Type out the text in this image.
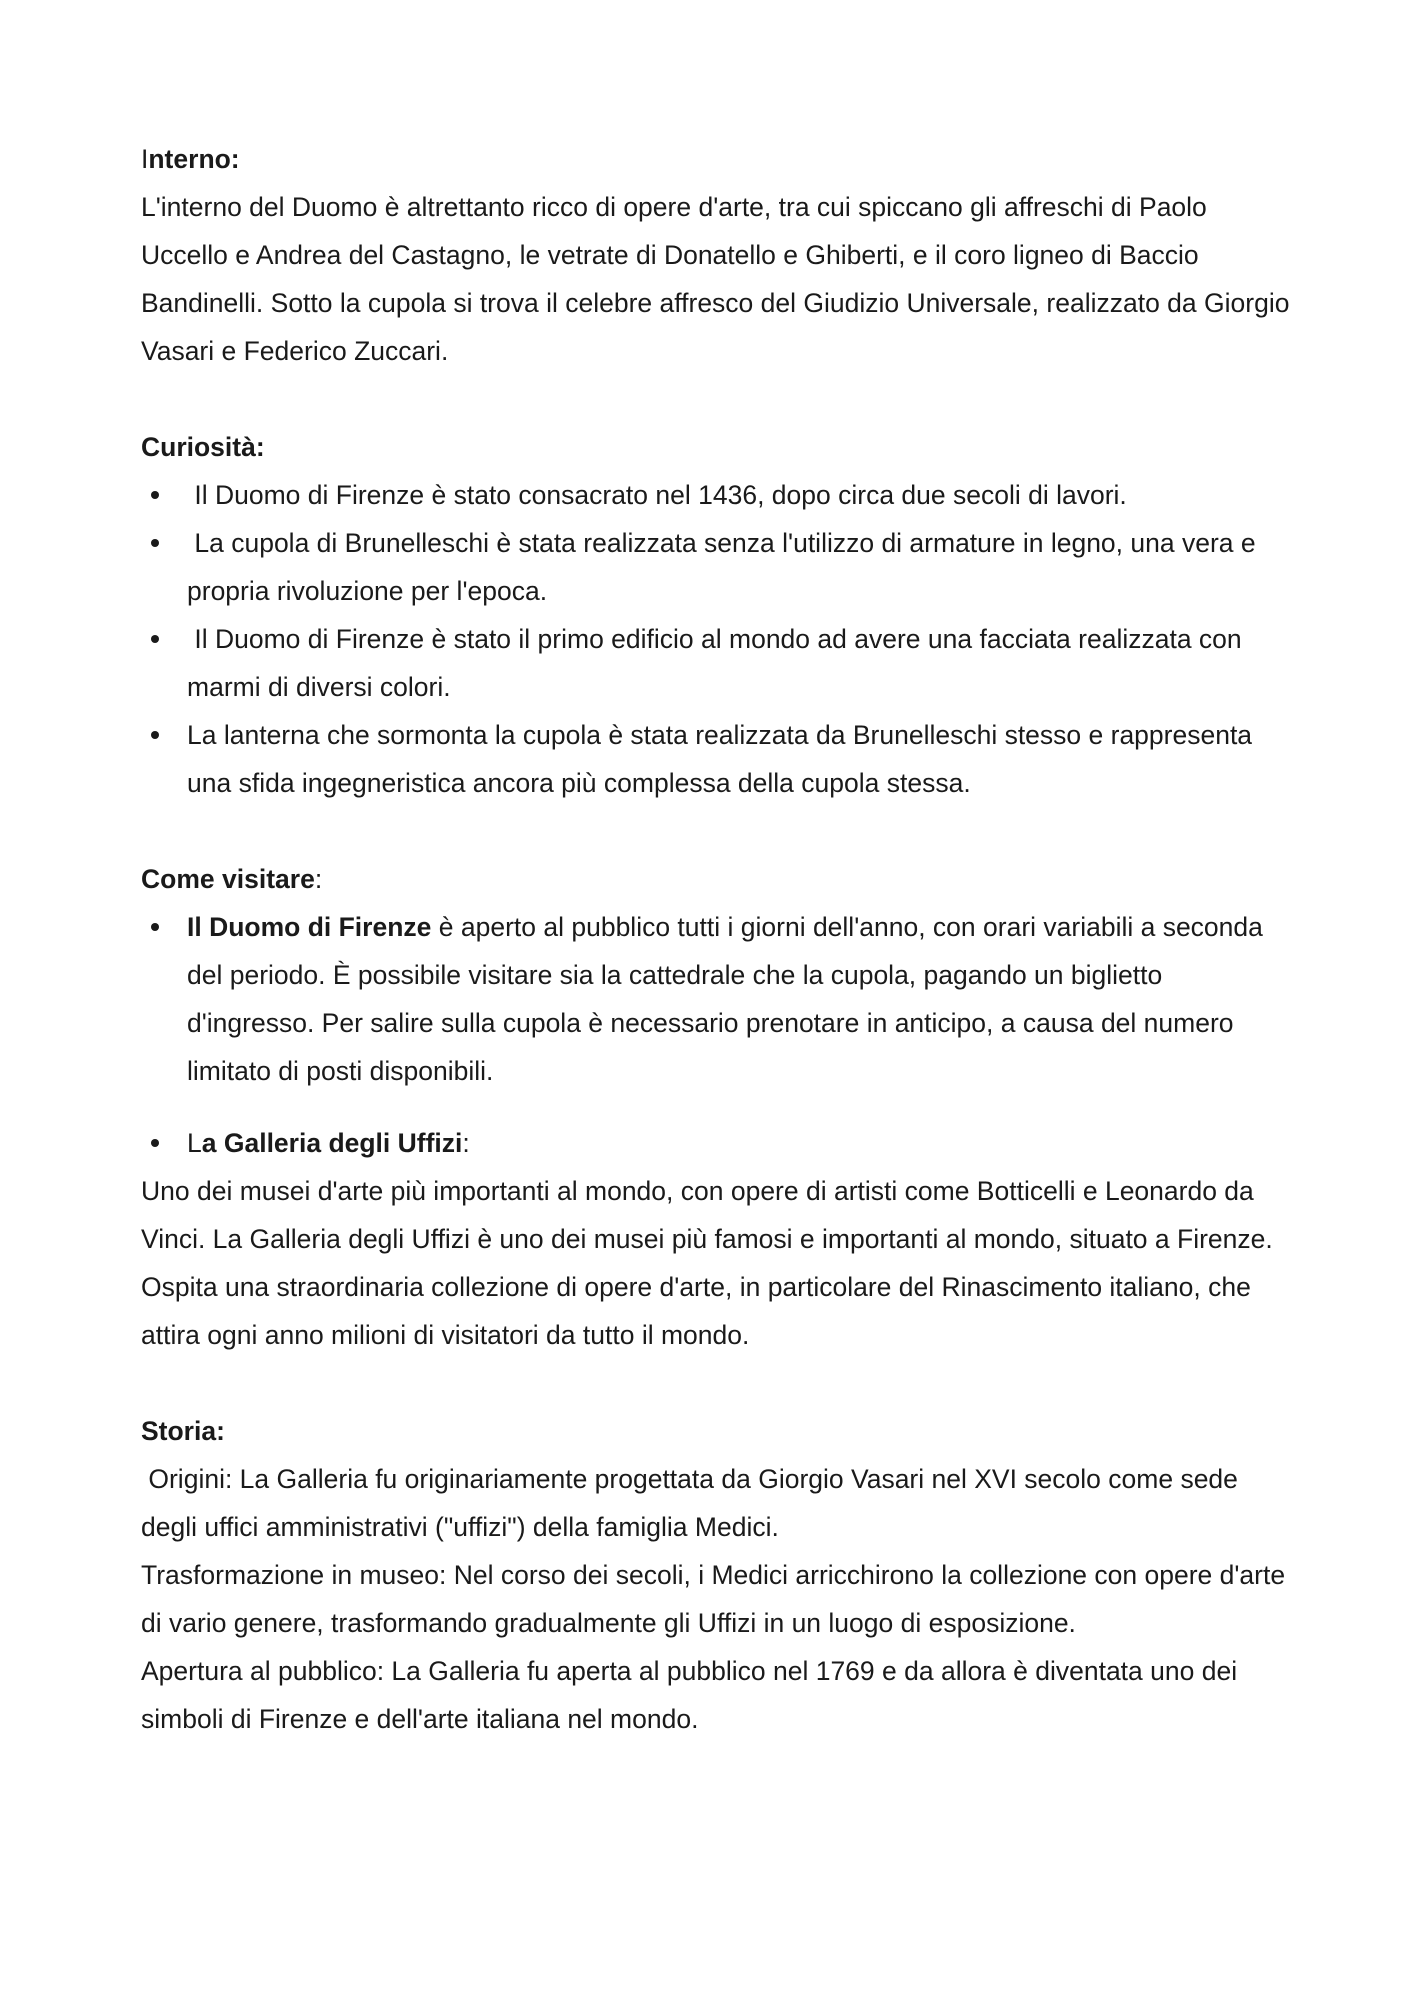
Interno:

L'interno del Duomo è altrettanto ricco di opere d'arte, tra cui spiccano gli affreschi di Paolo Uccello e Andrea del Castagno, le vetrate di Donatello e Ghiberti, e il coro ligneo di Baccio Bandinelli. Sotto la cupola si trova il celebre affresco del Giudizio Universale, realizzato da Giorgio Vasari e Federico Zuccari.

Curiosità:
Il Duomo di Firenze è stato consacrato nel 1436, dopo circa due secoli di lavori.
La cupola di Brunelleschi è stata realizzata senza l'utilizzo di armature in legno, una vera e propria rivoluzione per l'epoca.
Il Duomo di Firenze è stato il primo edificio al mondo ad avere una facciata realizzata con marmi di diversi colori.
La lanterna che sormonta la cupola è stata realizzata da Brunelleschi stesso e rappresenta una sfida ingegneristica ancora più complessa della cupola stessa.
Come visitare:
Il Duomo di Firenze è aperto al pubblico tutti i giorni dell'anno, con orari variabili a seconda del periodo. È possibile visitare sia la cattedrale che la cupola, pagando un biglietto d'ingresso. Per salire sulla cupola è necessario prenotare in anticipo, a causa del numero limitato di posti disponibili.
La Galleria degli Uffizi:

Uno dei musei d'arte più importanti al mondo, con opere di artisti come Botticelli e Leonardo da Vinci. La Galleria degli Uffizi è uno dei musei più famosi e importanti al mondo, situato a Firenze.

Ospita una straordinaria collezione di opere d'arte, in particolare del Rinascimento italiano, che attira ogni anno milioni di visitatori da tutto il mondo.

Storia:

Origini: La Galleria fu originariamente progettata da Giorgio Vasari nel XVI secolo come sede degli uffici amministrativi ("uffizi") della famiglia Medici.

Trasformazione in museo: Nel corso dei secoli, i Medici arricchirono la collezione con opere d'arte di vario genere, trasformando gradualmente gli Uffizi in un luogo di esposizione.

Apertura al pubblico: La Galleria fu aperta al pubblico nel 1769 e da allora è diventata uno dei simboli di Firenze e dell'arte italiana nel mondo.
